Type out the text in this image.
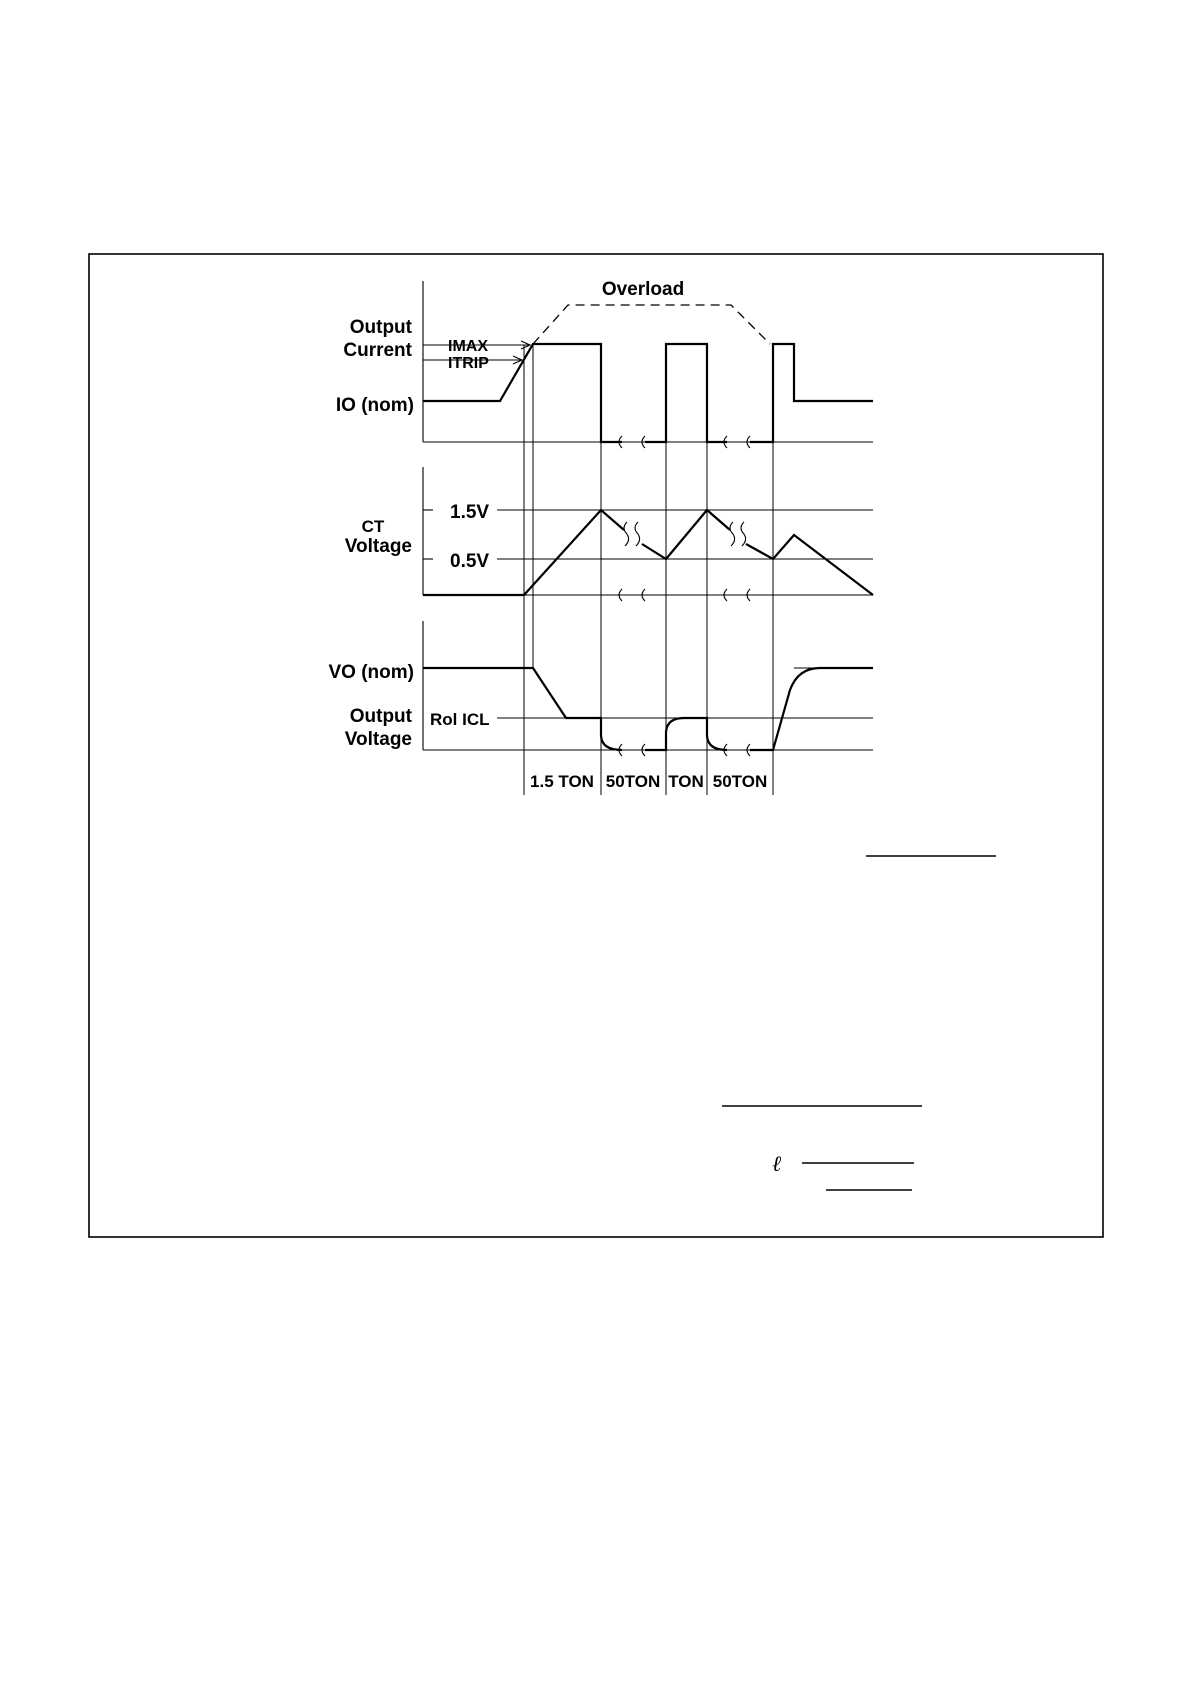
Overload
Output
Current IMAX
ITRIP
IO (nom)
CT
Voltage
1.5V
0.5V
VO (nom)
Output
Voltage
Rol ICL
1.5 TON 50TON TON 50TON
ℓ
